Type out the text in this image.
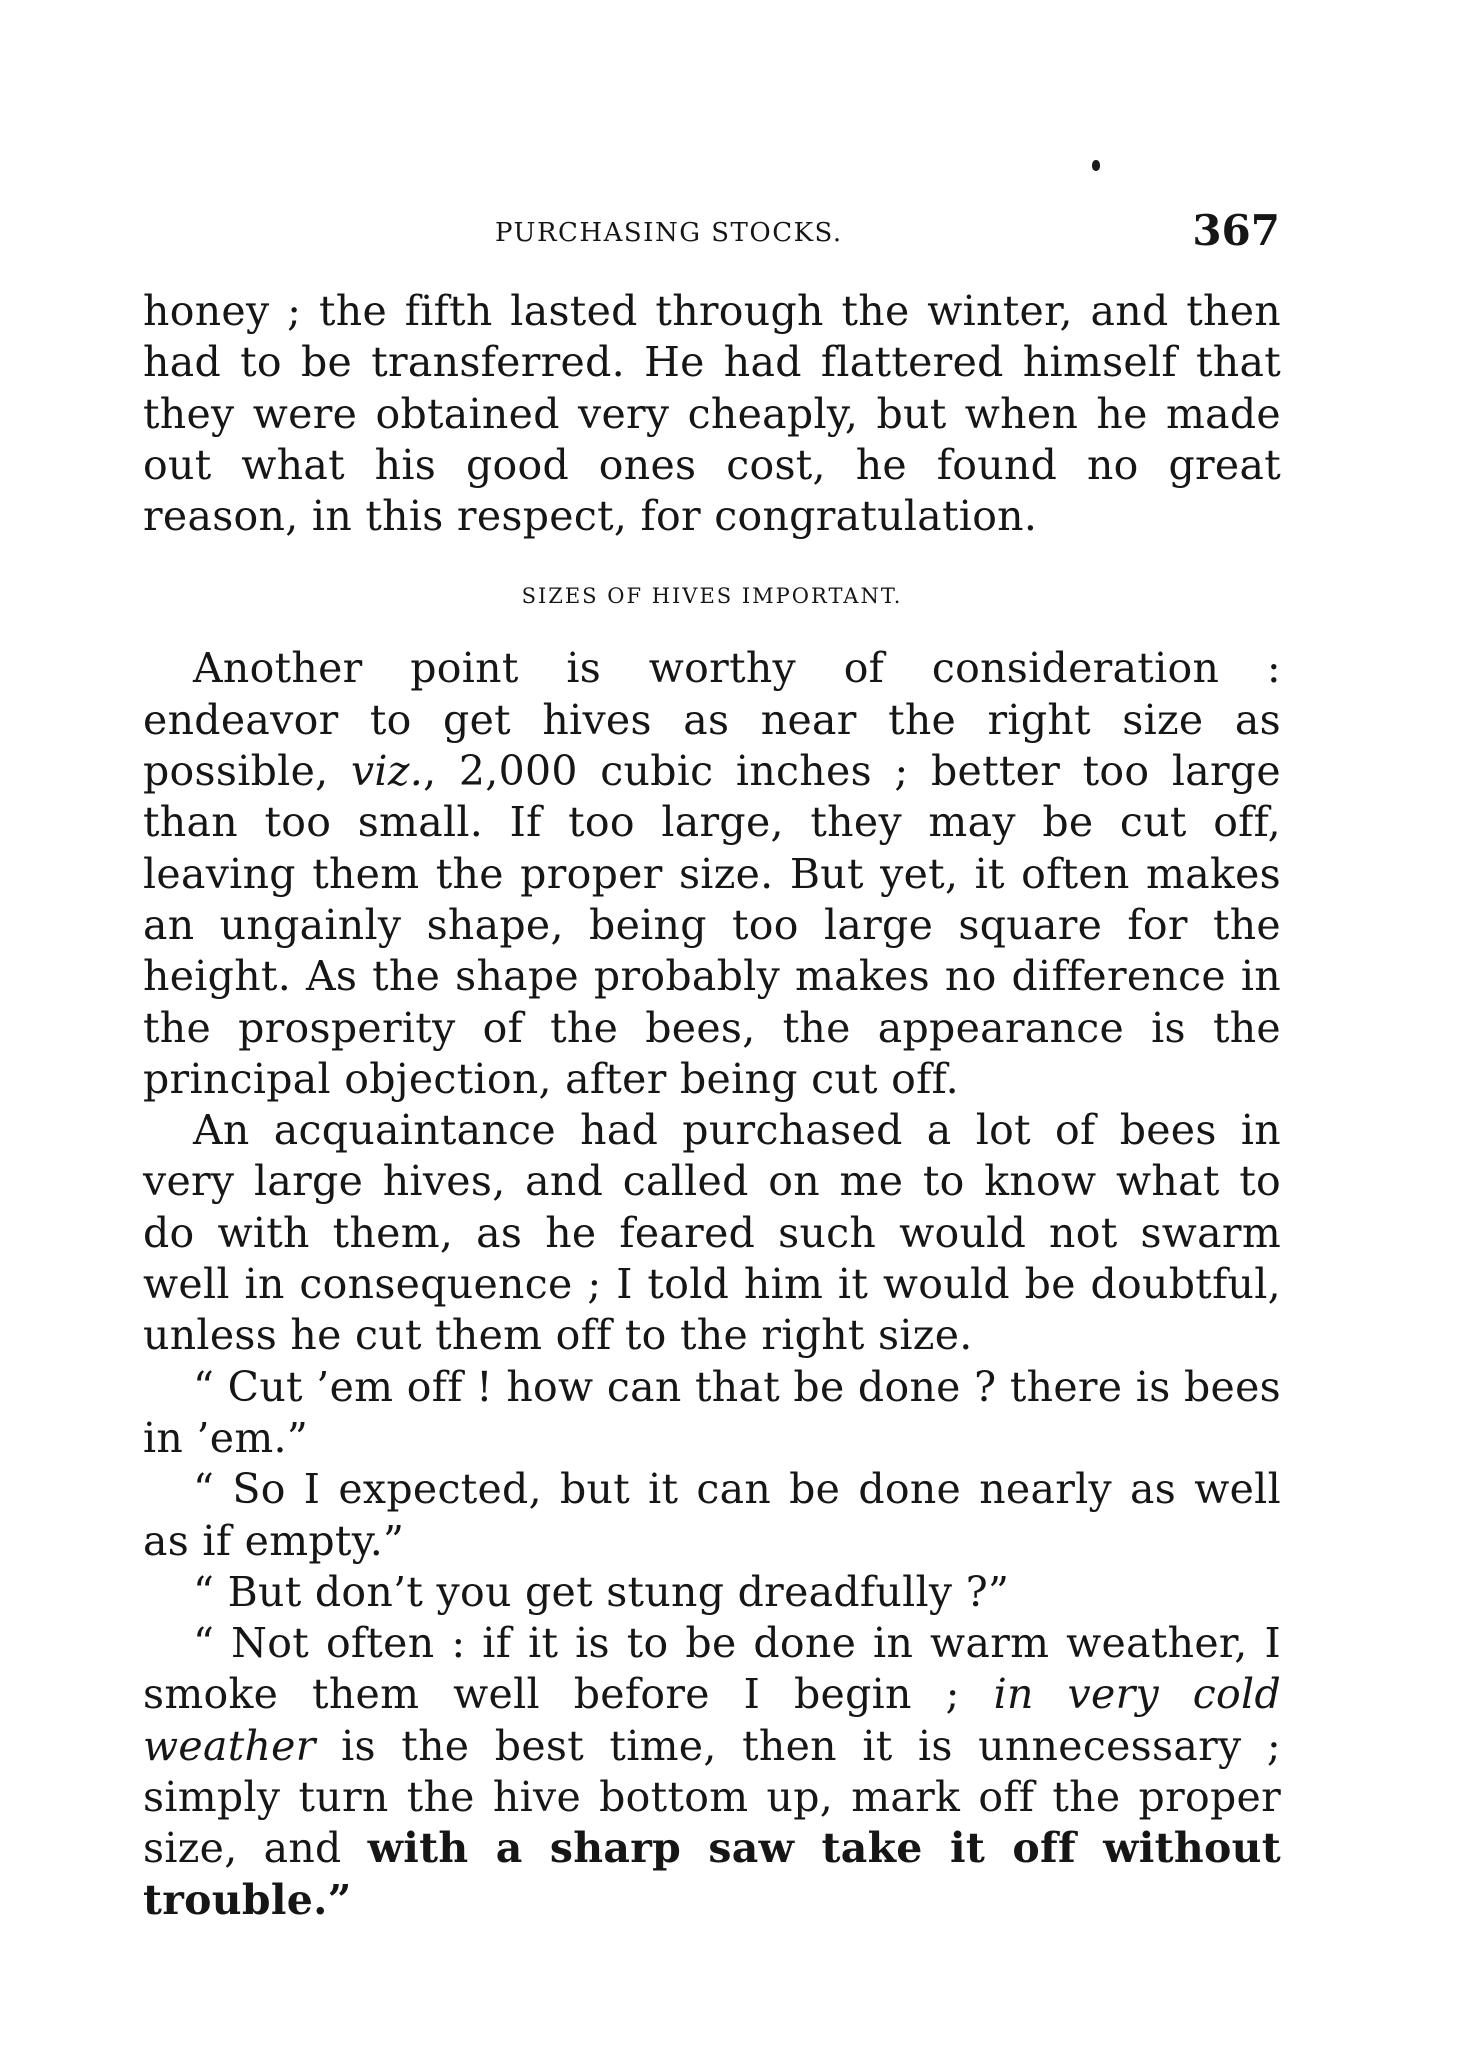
PURCHASING STOCKS.	367

honey ; the fifth lasted through the winter, and then had to be transferred. He had flattered himself that they were obtained very cheaply, but when he made out what his good ones cost, he found no great reason, in this respect, for congratulation.

SIZES OF HIVES IMPORTANT.

Another point is worthy of consideration : endeavor to get hives as near the right size as possible, viz., 2,000 cubic inches ; better too large than too small. If too large, they may be cut off, leaving them the proper size. But yet, it often makes an ungainly shape, being too large square for the height. As the shape probably makes no difference in the prosperity of the bees, the appearance is the principal objection, after being cut off.

An acquaintance had purchased a lot of bees in very large hives, and called on me to know what to do with them, as he feared such would not swarm well in consequence ; I told him it would be doubtful, unless he cut them off to the right size.

“ Cut ’em off ! how can that be done ? there is bees in ’em.”

“ So I expected, but it can be done nearly as well as if empty.”

“ But don’t you get stung dreadfully ?”

“ Not often : if it is to be done in warm weather, I smoke them well before I begin ; in very cold weather is the best time, then it is unnecessary ; simply turn the hive bottom up, mark off the proper size, and with a sharp saw take it off without trouble.”
